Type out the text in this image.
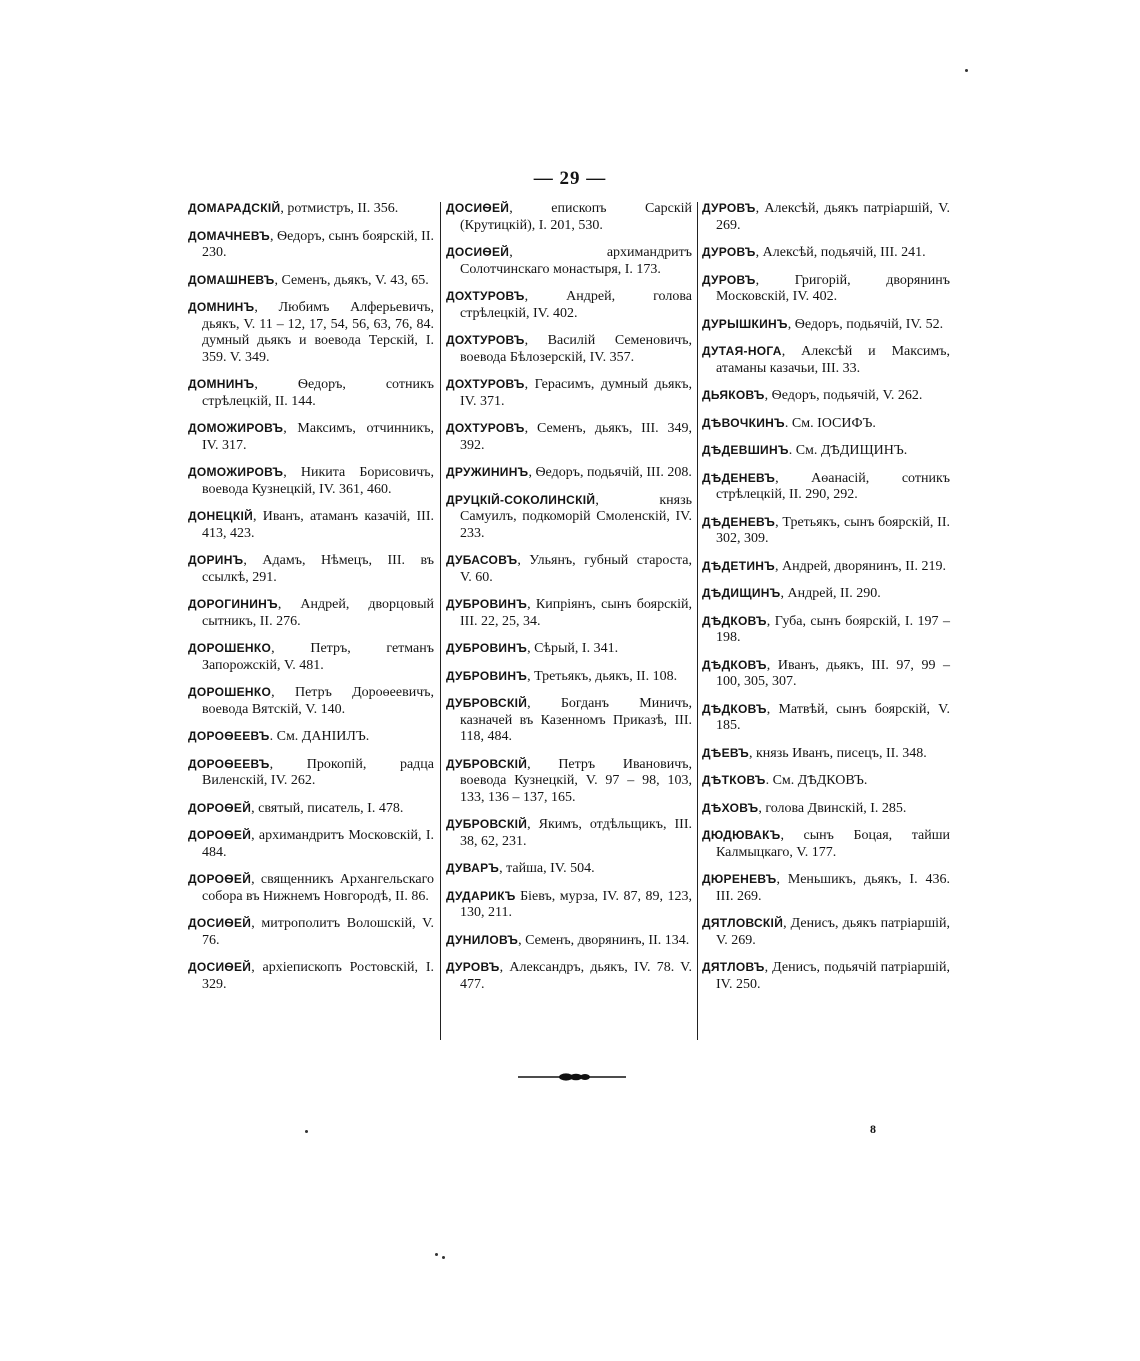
— 29 —

ДОМАРАДСКІЙ, ротмистръ, II. 356.

ДОМАЧНЕВЪ, Ѳедоръ, сынъ боярскій, II. 230.

ДОМАШНЕВЪ, Семенъ, дьякъ, V. 43, 65.

ДОМНИНЪ, Любимъ Алферьевичъ, дьякъ, V. 11 – 12, 17, 54, 56, 63, 76, 84. думный дьякъ и воевода Терскій, I. 359. V. 349.

ДОМНИНЪ, Ѳедоръ, сотникъ стрѣлецкій, II. 144.

ДОМОЖИРОВЪ, Максимъ, отчинникъ, IV. 317.

ДОМОЖИРОВЪ, Никита Борисовичъ, воевода Кузнецкій, IV. 361, 460.

ДОНЕЦКІЙ, Иванъ, атаманъ казачій, III. 413, 423.

ДОРИНЪ, Адамъ, Нѣмецъ, III. въ ссылкѣ, 291.

ДОРОГИНИНЪ, Андрей, дворцовый сытникъ, II. 276.

ДОРОШЕНКО, Петръ, гетманъ Запорожскій, V. 481.

ДОРОШЕНКО, Петръ Дороѳеевичъ, воевода Вятскій, V. 140.

ДОРОѲЕЕВЪ. См. ДАНІИЛЪ.

ДОРОѲЕЕВЪ, Прокопій, радца Виленскій, IV. 262.

ДОРОѲЕЙ, святый, писатель, I. 478.

ДОРОѲЕЙ, архимандритъ Московскій, I. 484.

ДОРОѲЕЙ, священникъ Архангельскаго собора въ Нижнемъ Новгородѣ, II. 86.

ДОСИѲЕЙ, митрополитъ Волошскій, V. 76.

ДОСИѲЕЙ, архіепископъ Ростовскій, I. 329.

ДОСИѲЕЙ, епископъ Сарскій (Крутицкій), I. 201, 530.

ДОСИѲЕЙ, архимандритъ Солотчинскаго монастыря, I. 173.

ДОХТУРОВЪ, Андрей, голова стрѣлецкій, IV. 402.

ДОХТУРОВЪ, Василій Семеновичъ, воевода Бѣлозерскій, IV. 357.

ДОХТУРОВЪ, Герасимъ, думный дьякъ, IV. 371.

ДОХТУРОВЪ, Семенъ, дьякъ, III. 349, 392.

ДРУЖИНИНЪ, Ѳедоръ, подьячій, III. 208.

ДРУЦКІЙ-СОКОЛИНСКІЙ, князь Самуилъ, подкоморій Смоленскій, IV. 233.

ДУБАСОВЪ, Ульянъ, губный староста, V. 60.

ДУБРОВИНЪ, Кипріянъ, сынъ боярскій, III. 22, 25, 34.

ДУБРОВИНЪ, Сѣрый, I. 341.

ДУБРОВИНЪ, Третьякъ, дьякъ, II. 108.

ДУБРОВСКІЙ, Богданъ Миничъ, казначей въ Казенномъ Приказѣ, III. 118, 484.

ДУБРОВСКІЙ, Петръ Ивановичъ, воевода Кузнецкій, V. 97 – 98, 103, 133, 136 – 137, 165.

ДУБРОВСКІЙ, Якимъ, отдѣльщикъ, III. 38, 62, 231.

ДУВАРЪ, тайша, IV. 504.

ДУДАРИКЪ Біевъ, мурза, IV. 87, 89, 123, 130, 211.

ДУНИЛОВЪ, Семенъ, дворянинъ, II. 134.

ДУРОВЪ, Александръ, дьякъ, IV. 78. V. 477.

ДУРОВЪ, Алексѣй, дьякъ патріаршій, V. 269.

ДУРОВЪ, Алексѣй, подьячій, III. 241.

ДУРОВЪ, Григорій, дворянинъ Московскій, IV. 402.

ДУРЫШКИНЪ, Ѳедоръ, подьячій, IV. 52.

ДУТАЯ-НОГА, Алексѣй и Максимъ, атаманы казачьи, III. 33.

ДЬЯКОВЪ, Ѳедоръ, подьячій, V. 262.

ДѢВОЧКИНЪ. См. ІОСИФЪ.

ДѢДЕВШИНЪ. См. ДѢДИЩИНЪ.

ДѢДЕНЕВЪ, Аѳанасій, сотникъ стрѣлецкій, II. 290, 292.

ДѢДЕНЕВЪ, Третьякъ, сынъ боярскій, II. 302, 309.

ДѢДЕТИНЪ, Андрей, дворянинъ, II. 219.

ДѢДИЩИНЪ, Андрей, II. 290.

ДѢДКОВЪ, Губа, сынъ боярскій, I. 197 – 198.

ДѢДКОВЪ, Иванъ, дьякъ, III. 97, 99 – 100, 305, 307.

ДѢДКОВЪ, Матвѣй, сынъ боярскій, V. 185.

ДѢЕВЪ, князь Иванъ, писецъ, II. 348.

ДѢТКОВЪ. См. ДѢДКОВЪ.

ДѢХОВЪ, голова Двинскій, I. 285.

ДЮДЮВАКЪ, сынъ Боцая, тайши Калмыцкаго, V. 177.

ДЮРЕНЕВЪ, Меньшикъ, дьякъ, I. 436. III. 269.

ДЯТЛОВСКІЙ, Денисъ, дьякъ патріаршій, V. 269.

ДЯТЛОВЪ, Денисъ, подьячій патріаршій, IV. 250.

8
